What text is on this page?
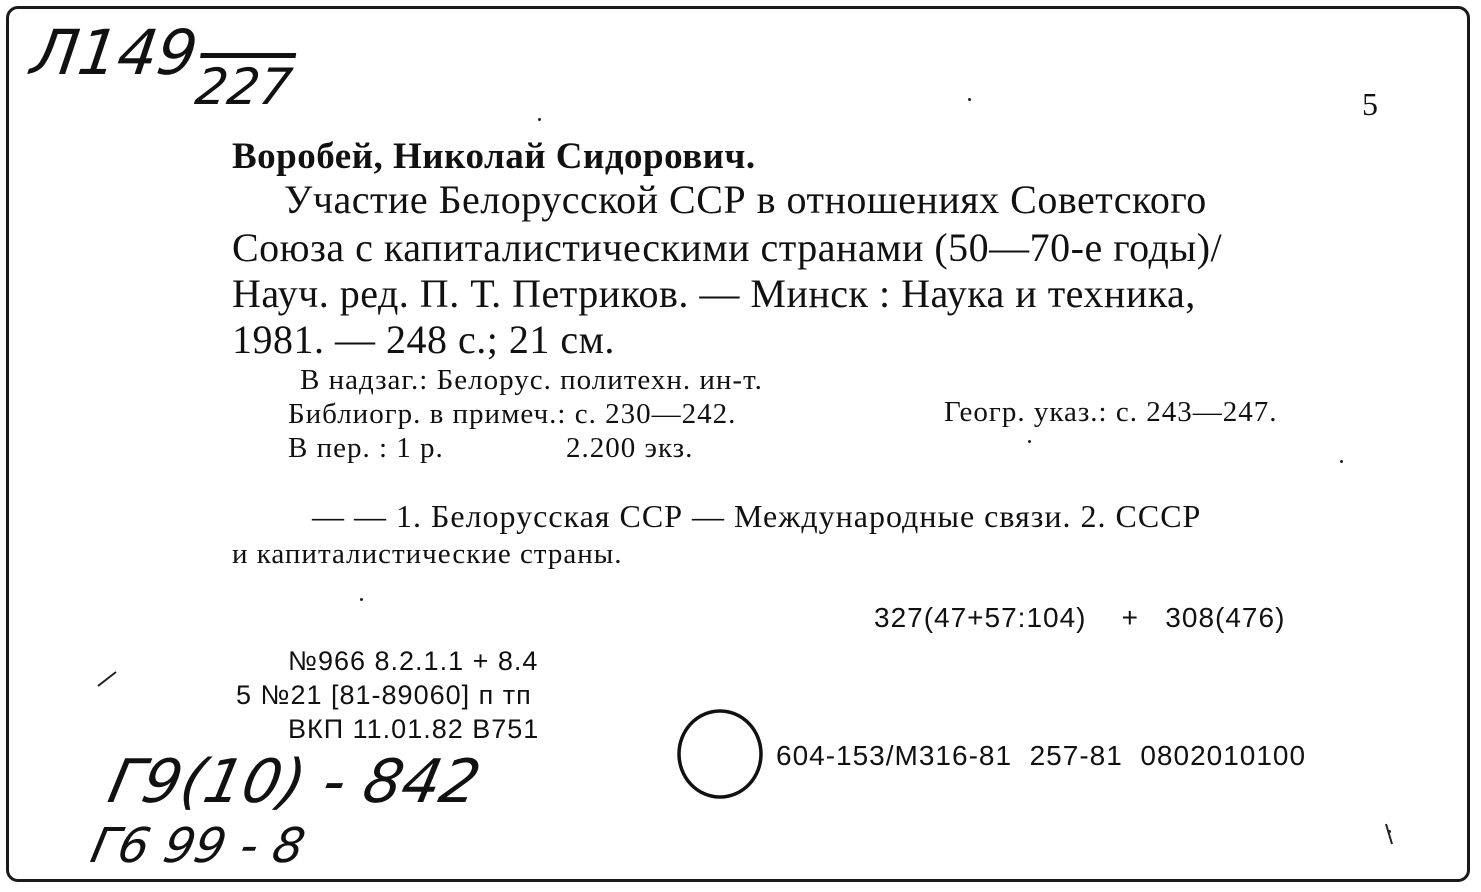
Л149
227	5
Воробей, Николай Сидорович.
Участие Белорусской ССР в отношениях Советского
Союза с капиталистическими странами (50—70-е годы)/
Науч. ред. П. Т. Петриков. — Минск : Наука и техника,
1981. — 248 с.; 21 см.
В надзаг.: Белорус. политехн. ин-т.
Библиогр. в примеч.: с. 230—242.	Геогр. указ.: с. 243—247.
В пер. : 1 р.	2.200 экз.
— — 1. Белорусская ССР — Международные связи. 2. СССР
и капиталистические страны.
327(47+57:104)    +   308(476)
№966 8.2.1.1 + 8.4
5 №21 [81-89060] п тп
ВКП 11.01.82 В751
604-153/М316-81  257-81  0802010100
Г9(10) - 842
Г6 99 - 8
